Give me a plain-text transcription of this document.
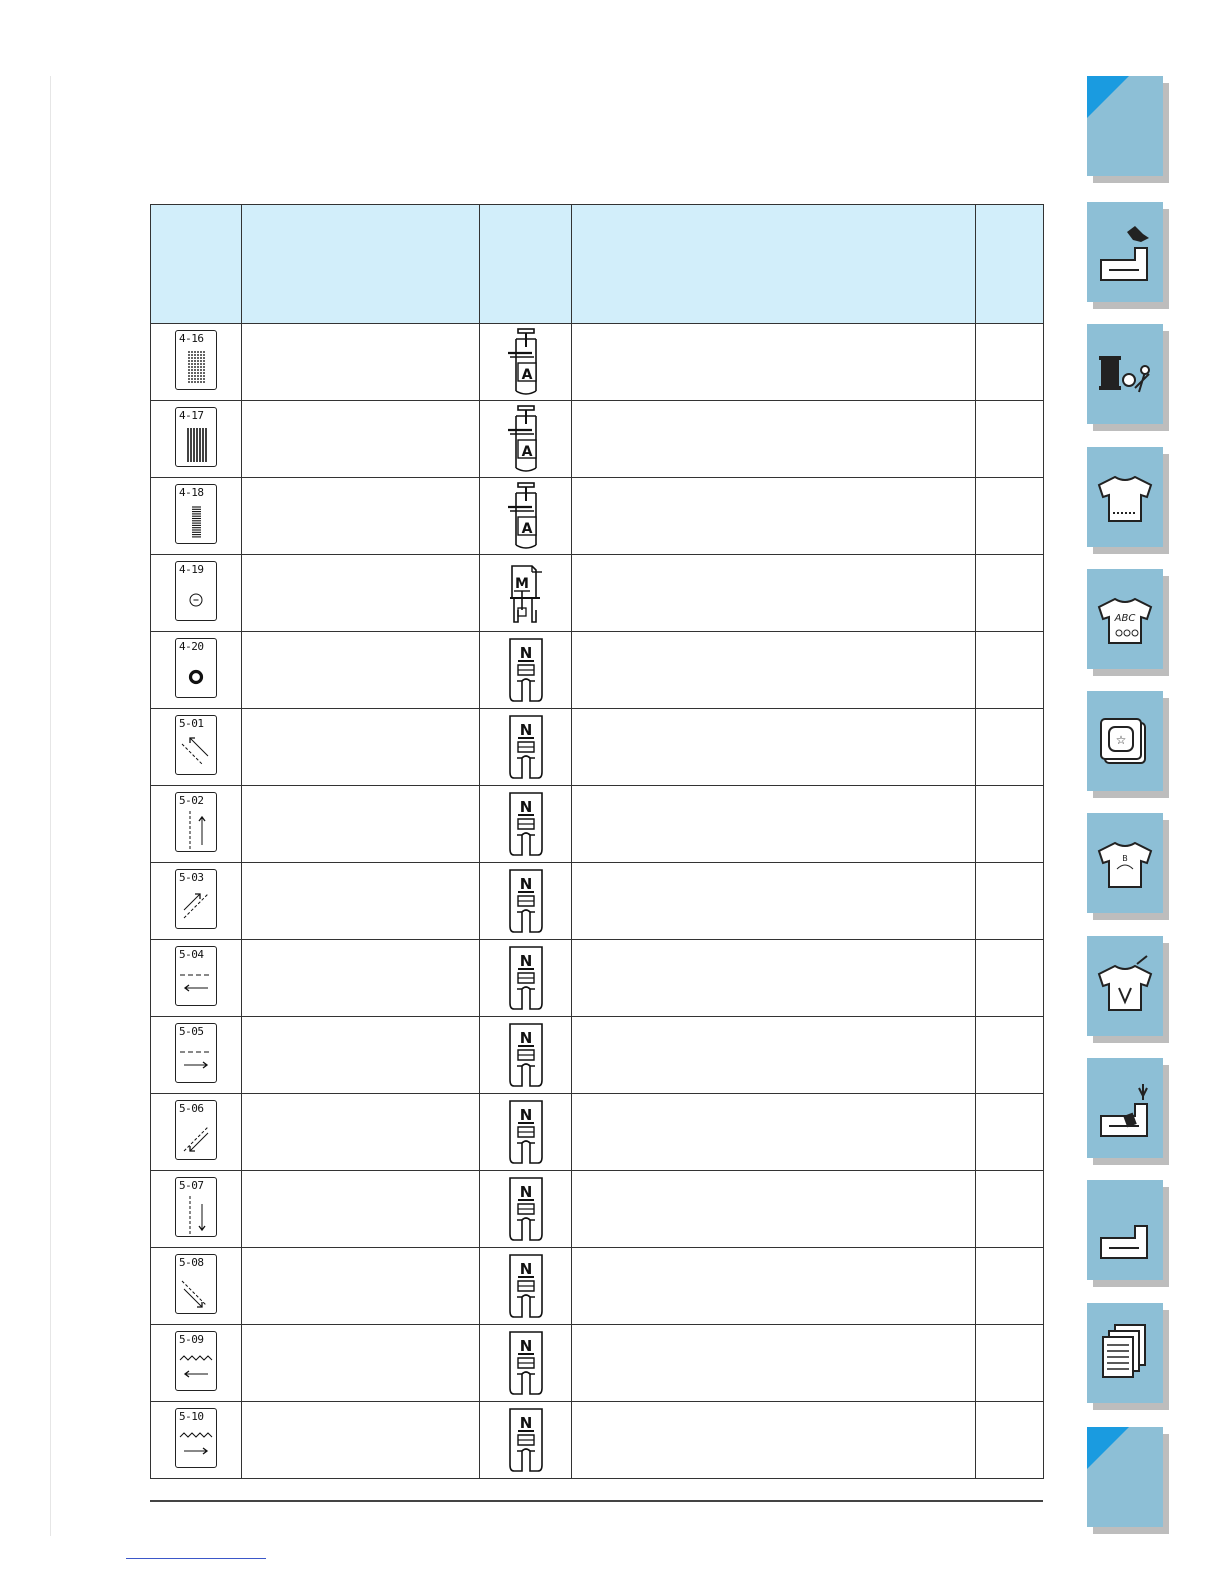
4-16		A		

4-17		A		

4-18		A		

4-19		M		

4-20		N		

5-01		N		

5-02		N		

5-03		N		

5-04		N		

5-05		N		

5-06		N		

5-07		N		

5-08		N		

5-09		N		

5-10		N		

ABC
☆
B
